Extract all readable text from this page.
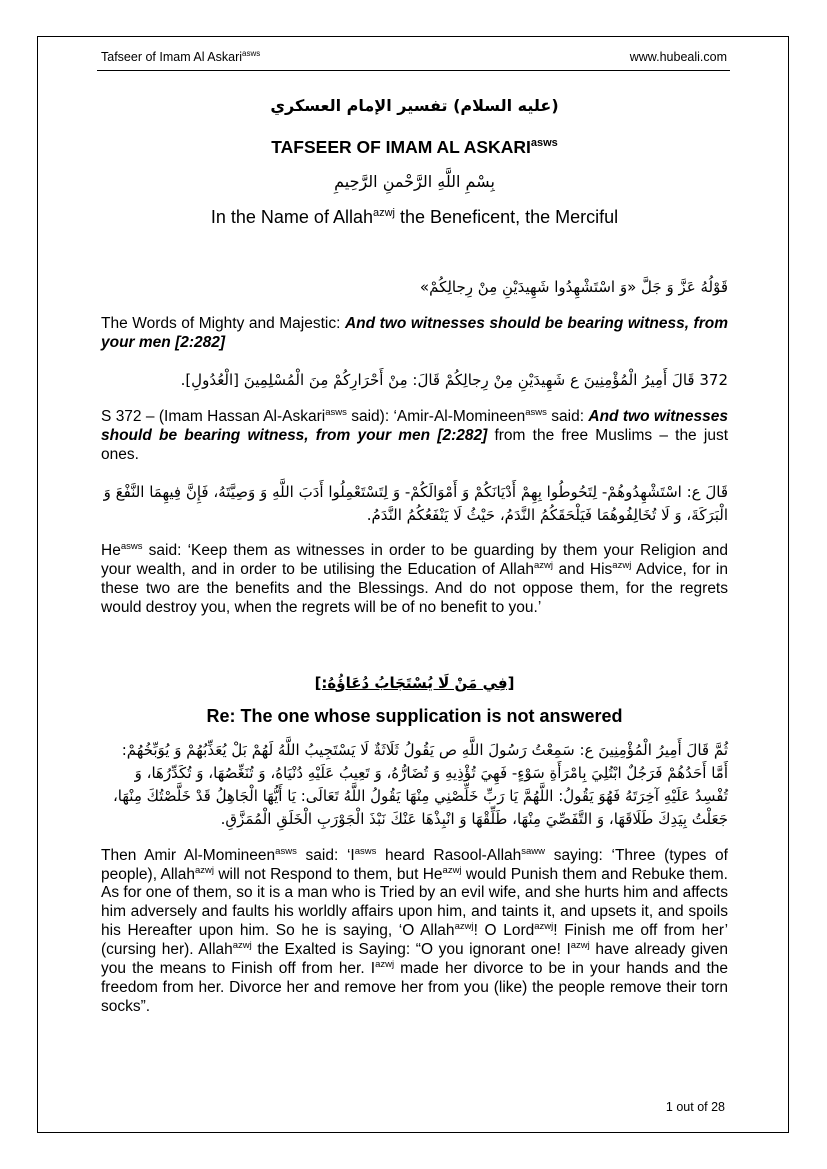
Tafseer of Imam Al Askari$^{asws}$	www.hubeali.com

(عليه السلام) تفسير الإمام العسكري

TAFSEER OF IMAM AL $ASKARI^{asws}$

بِسْمِ اللَّهِ الرَّحْمنِ الرَّحِيمِ

In the Name of Allah$^{azwj}$ the Beneficent, the Merciful

قَوْلُهُ عَزَّ وَ جَلَّ «وَ اسْتَشْهِدُوا شَهِيدَيْنِ مِنْ رِجالِكُمْ»

The Words of Mighty and Majestic: And two witnesses should be bearing witness, from your men [2:282]

372 قَالَ أَمِيرُ الْمُؤْمِنِينَ ع شَهِيدَيْنِ مِنْ رِجالِكُمْ قَالَ: مِنْ أَحْرَارِكُمْ مِنَ الْمُسْلِمِينَ [الْعُدُولِ].

S 372 – (Imam Hassan Al-Askari$^{asws}$ said): ‘Amir-Al-Momineen$^{asws}$ said: And two witnesses should be bearing witness, from your men [2:282] from the free Muslims – the just ones.

قَالَ ع: اسْتَشْهِدُوهُمْ- لِتَحُوطُوا بِهِمْ أَدْيَانَكُمْ وَ أَمْوَالَكُمْ- وَ لِتَسْتَعْمِلُوا أَدَبَ اللَّهِ وَ وَصِيَّتَهُ، فَإِنَّ فِيهِمَا النَّفْعَ وَ الْبَرَكَةَ، وَ لَا تُخَالِفُوهُمَا فَيَلْحَقَكُمُ النَّدَمُ، حَيْثُ لَا يَنْفَعُكُمُ النَّدَمُ.

$He^{asws}$ said: ‘Keep them as witnesses in order to be guarding by them your Religion and your wealth, and in order to be utilising the Education of Allah$^{azwj}$ and His$^{azwj}$ Advice, for in these two are the benefits and the Blessings. And do not oppose them, for the regrets would destroy you, when the regrets will be of no benefit to you.’

[فِي مَنْ لَا يُسْتَجَابُ دُعَاؤُهُ:]

Re: The one whose supplication is not answered

ثُمَّ قَالَ أَمِيرُ الْمُؤْمِنِينَ ع: سَمِعْتُ رَسُولَ اللَّهِ ص يَقُولُ ثَلَاثَةٌ لَا يَسْتَجِيبُ اللَّهُ لَهُمْ بَلْ يُعَذِّبُهُمْ وَ يُوَبِّخُهُمْ: أَمَّا أَحَدُهُمْ فَرَجُلٌ ابْتُلِيَ بِامْرَأَةِ سَوْءٍ- فَهِيَ تُؤْذِيهِ وَ تُضَارُّهُ، وَ تَعِيبُ عَلَيْهِ دُنْيَاهُ، وَ تُنَغِّصُهَا، وَ تُكَدِّرُهَا، وَ تُفْسِدُ عَلَيْهِ آخِرَتَهُ فَهُوَ يَقُولُ: اللَّهُمَّ يَا رَبِّ خَلِّصْنِي مِنْهَا يَقُولُ اللَّهُ تَعَالَى: يَا أَيُّهَا الْجَاهِلُ قَدْ خَلَّصْتُكَ مِنْهَا، جَعَلْتُ بِيَدِكَ طَلَاقَهَا، وَ التَّفَصِّيَ مِنْهَا، طَلِّقْهَا وَ انْبِذْهَا عَنْكَ نَبْذَ الْجَوْرَبِ الْخَلَقِ الْمُمَزَّقِ.

Then Amir Al-Momineen$^{asws}$ said: ‘$I^{asws}$ heard Rasool-Allah$^{saww}$ saying: ‘Three (types of people), Allah$^{azwj}$ will not Respond to them, but $He^{azwj}$ would Punish them and Rebuke them. As for one of them, so it is a man who is Tried by an evil wife, and she hurts him and affects him adversely and faults his worldly affairs upon him, and taints it, and upsets it, and spoils his Hereafter upon him. So he is saying, ‘O Allah$^{azwj}$! O Lord$^{azwj}$! Finish me off from her’ (cursing her). Allah$^{azwj}$ the Exalted is Saying: “O you ignorant one! $I^{azwj}$ have already given you the means to Finish off from her. $I^{azwj}$ made her divorce to be in your hands and the freedom from her. Divorce her and remove her from you (like) the people remove their torn socks”.

1 out of 28
